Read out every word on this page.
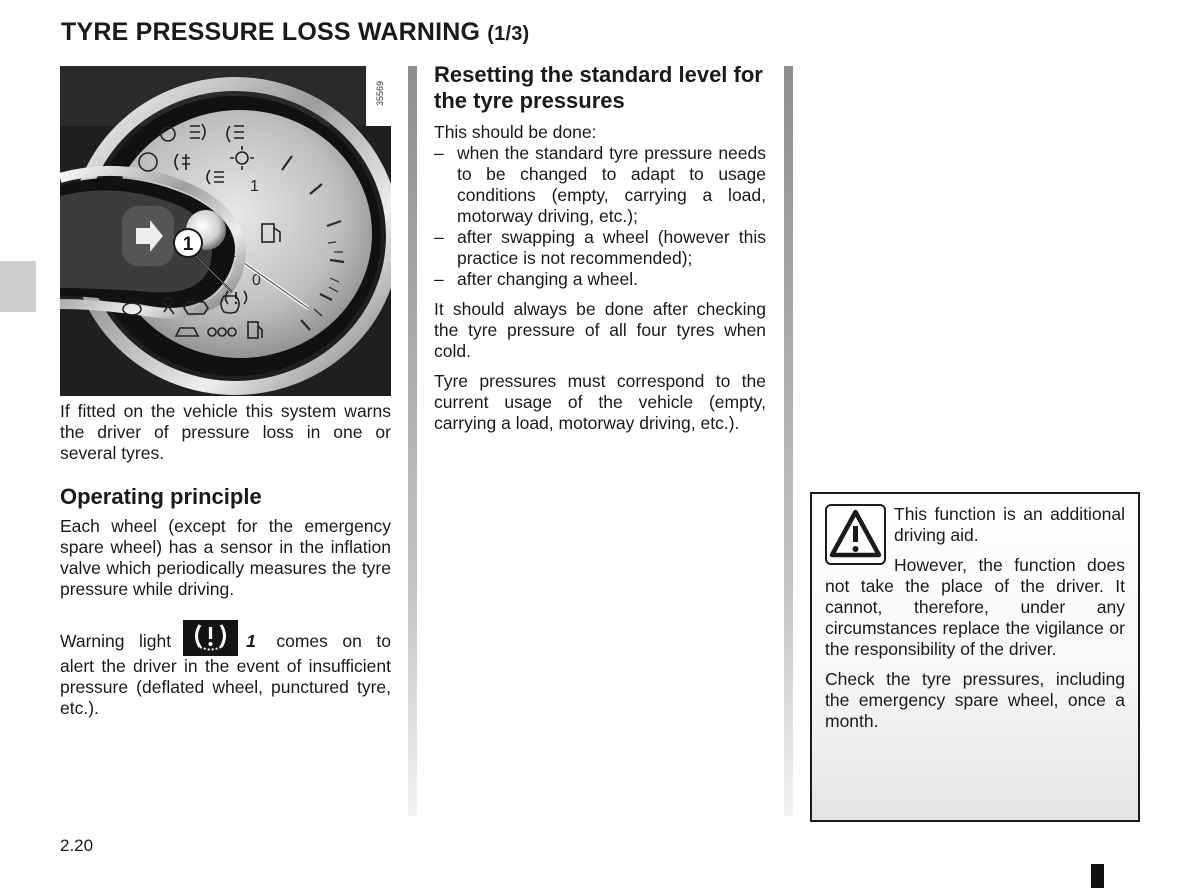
TYRE PRESSURE LOSS WARNING (1/3)
1
0
1
35569

If fitted on the vehicle this system warns the driver of pressure loss in one or several tyres.

Operating principle

Each wheel (except for the emergency spare wheel) has a sensor in the inflation valve which periodically measures the tyre pressure while driving.

Warning light	1 comes on to alert the driver in the event of insufficient pressure (deflated wheel, punctured tyre, etc.).

Resetting the standard level for the tyre pressures

This should be done:

– when the standard tyre pressure needs to be changed to adapt to usage conditions (empty, carrying a load, motorway driving, etc.);
– after swapping a wheel (however this practice is not recommended);
– after changing a wheel.

It should always be done after checking the tyre pressure of all four tyres when cold.

Tyre pressures must correspond to the current usage of the vehicle (empty, carrying a load, motorway driving, etc.).

This function is an additional driving aid.

However, the function does not take the place of the driver. It cannot, therefore, under any circumstances replace the vigilance or the responsibility of the driver.

Check the tyre pressures, including the emergency spare wheel, once a month.

2.20
